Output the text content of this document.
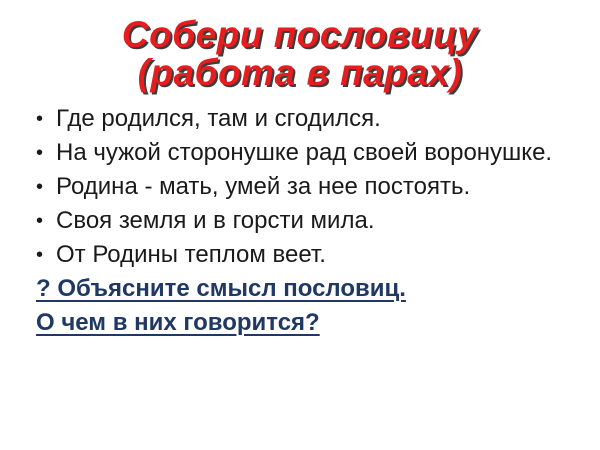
Собери пословицу
(работа в парах)
• Где родился, там и сгодился.
• На чужой сторонушке рад своей воронушке.
• Родина - мать, умей за нее постоять.
• Своя земля и в горсти мила.
• От Родины теплом веет.

? Объясните смысл пословиц.

О чем в них говорится?
